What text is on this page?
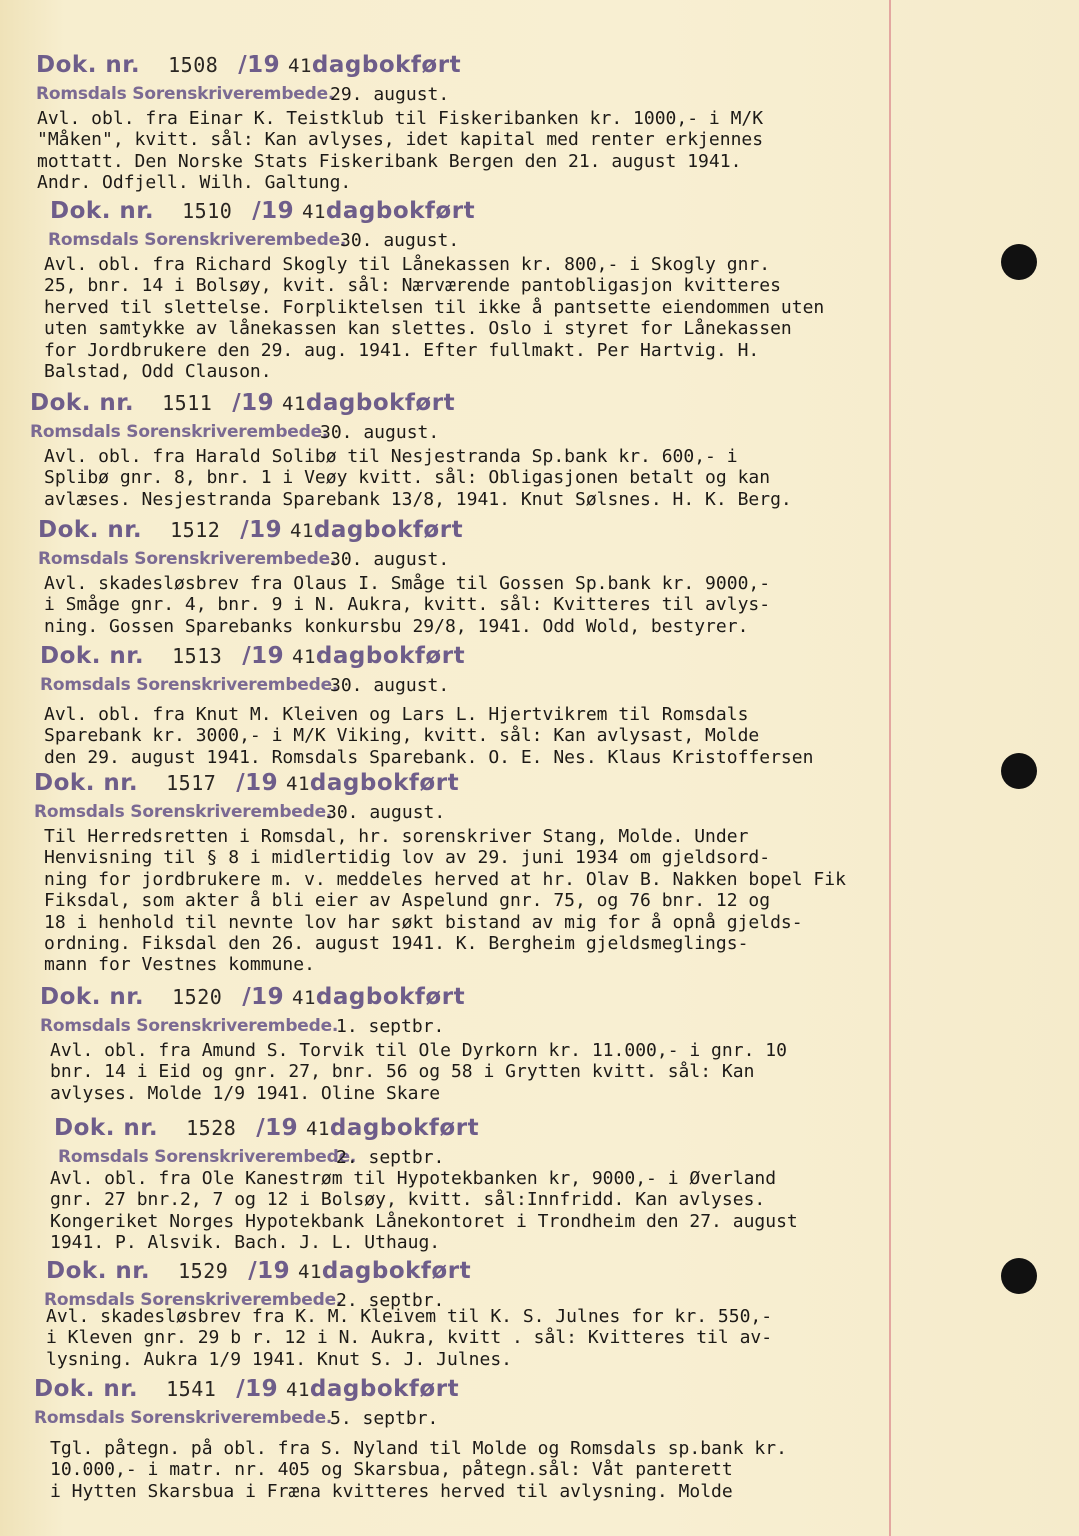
Dok. nr. 1508 /19 41dagbokført
Romsdals Sorenskriverembede.
29. august.
Avl. obl. fra Einar K. Teistklub til Fiskeribanken kr. 1000,- i M/K
"Måken", kvitt. sål: Kan avlyses, idet kapital med renter erkjennes
mottatt. Den Norske Stats Fiskeribank Bergen den 21. august 1941.
Andr. Odfjell. Wilh. Galtung.
Dok. nr. 1510 /19 41dagbokført
Romsdals Sorenskriverembede.
30. august.
Avl. obl. fra Richard Skogly til Lånekassen kr. 800,- i Skogly gnr.
25, bnr. 14 i Bolsøy, kvit. sål: Nærværende pantobligasjon kvitteres
herved til slettelse. Forpliktelsen til ikke å pantsette eiendommen uten
uten samtykke av lånekassen kan slettes. Oslo i styret for Lånekassen
for Jordbrukere den 29. aug. 1941. Efter fullmakt. Per Hartvig. H.
Balstad, Odd Clauson.
Dok. nr. 1511 /19 41dagbokført
Romsdals Sorenskriverembede.
30. august.
Avl. obl. fra Harald Solibø til Nesjestranda Sp.bank kr. 600,- i
Splibø gnr. 8, bnr. 1 i Veøy kvitt. sål: Obligasjonen betalt og kan
avlæses. Nesjestranda Sparebank 13/8, 1941. Knut Sølsnes. H. K. Berg.
Dok. nr. 1512 /19 41dagbokført
Romsdals Sorenskriverembede.
30. august.
Avl. skadesløsbrev fra Olaus I. Småge til Gossen Sp.bank kr. 9000,-
i Småge gnr. 4, bnr. 9 i N. Aukra, kvitt. sål: Kvitteres til avlys-
ning. Gossen Sparebanks konkursbu 29/8, 1941. Odd Wold, bestyrer.
Dok. nr. 1513 /19 41dagbokført
Romsdals Sorenskriverembede.
30. august.
Avl. obl. fra Knut M. Kleiven og Lars L. Hjertvikrem til Romsdals
Sparebank kr. 3000,- i M/K Viking, kvitt. sål: Kan avlysast, Molde
den 29. august 1941. Romsdals Sparebank. O. E. Nes. Klaus Kristoffersen
Dok. nr. 1517 /19 41dagbokført
Romsdals Sorenskriverembede.
30. august.
Til Herredsretten i Romsdal, hr. sorenskriver Stang, Molde. Under
Henvisning til § 8 i midlertidig lov av 29. juni 1934 om gjeldsord-
ning for jordbrukere m. v. meddeles herved at hr. Olav B. Nakken bopel Fik
Fiksdal, som akter å bli eier av Aspelund gnr. 75, og 76 bnr. 12 og
18 i henhold til nevnte lov har søkt bistand av mig for å opnå gjelds-
ordning. Fiksdal den 26. august 1941. K. Bergheim gjeldsmeglings-
mann for Vestnes kommune.
Dok. nr. 1520 /19 41dagbokført
Romsdals Sorenskriverembede.
1. septbr.
Avl. obl. fra Amund S. Torvik til Ole Dyrkorn kr. 11.000,- i gnr. 10
bnr. 14 i Eid og gnr. 27, bnr. 56 og 58 i Grytten kvitt. sål: Kan
avlyses. Molde 1/9 1941. Oline Skare
Dok. nr. 1528 /19 41dagbokført
Romsdals Sorenskriverembede.
2. septbr.
Avl. obl. fra Ole Kanestrøm til Hypotekbanken kr, 9000,- i Øverland
gnr. 27 bnr.2, 7 og 12 i Bolsøy, kvitt. sål:Innfridd. Kan avlyses.
Kongeriket Norges Hypotekbank Lånekontoret i Trondheim den 27. august
1941. P. Alsvik. Bach. J. L. Uthaug.
Dok. nr. 1529 /19 41dagbokført
Romsdals Sorenskriverembede.
2. septbr.
Avl. skadesløsbrev fra K. M. Kleivem til K. S. Julnes for kr. 550,-
i Kleven gnr. 29 b r. 12 i N. Aukra, kvitt . sål: Kvitteres til av-
lysning. Aukra 1/9 1941. Knut S. J. Julnes.
Dok. nr. 1541 /19 41dagbokført
Romsdals Sorenskriverembede.
5. septbr.
Tgl. påtegn. på obl. fra S. Nyland til Molde og Romsdals sp.bank kr.
10.000,- i matr. nr. 405 og Skarsbua, påtegn.sål: Våt panterett
i Hytten Skarsbua i Fræna kvitteres herved til avlysning. Molde
